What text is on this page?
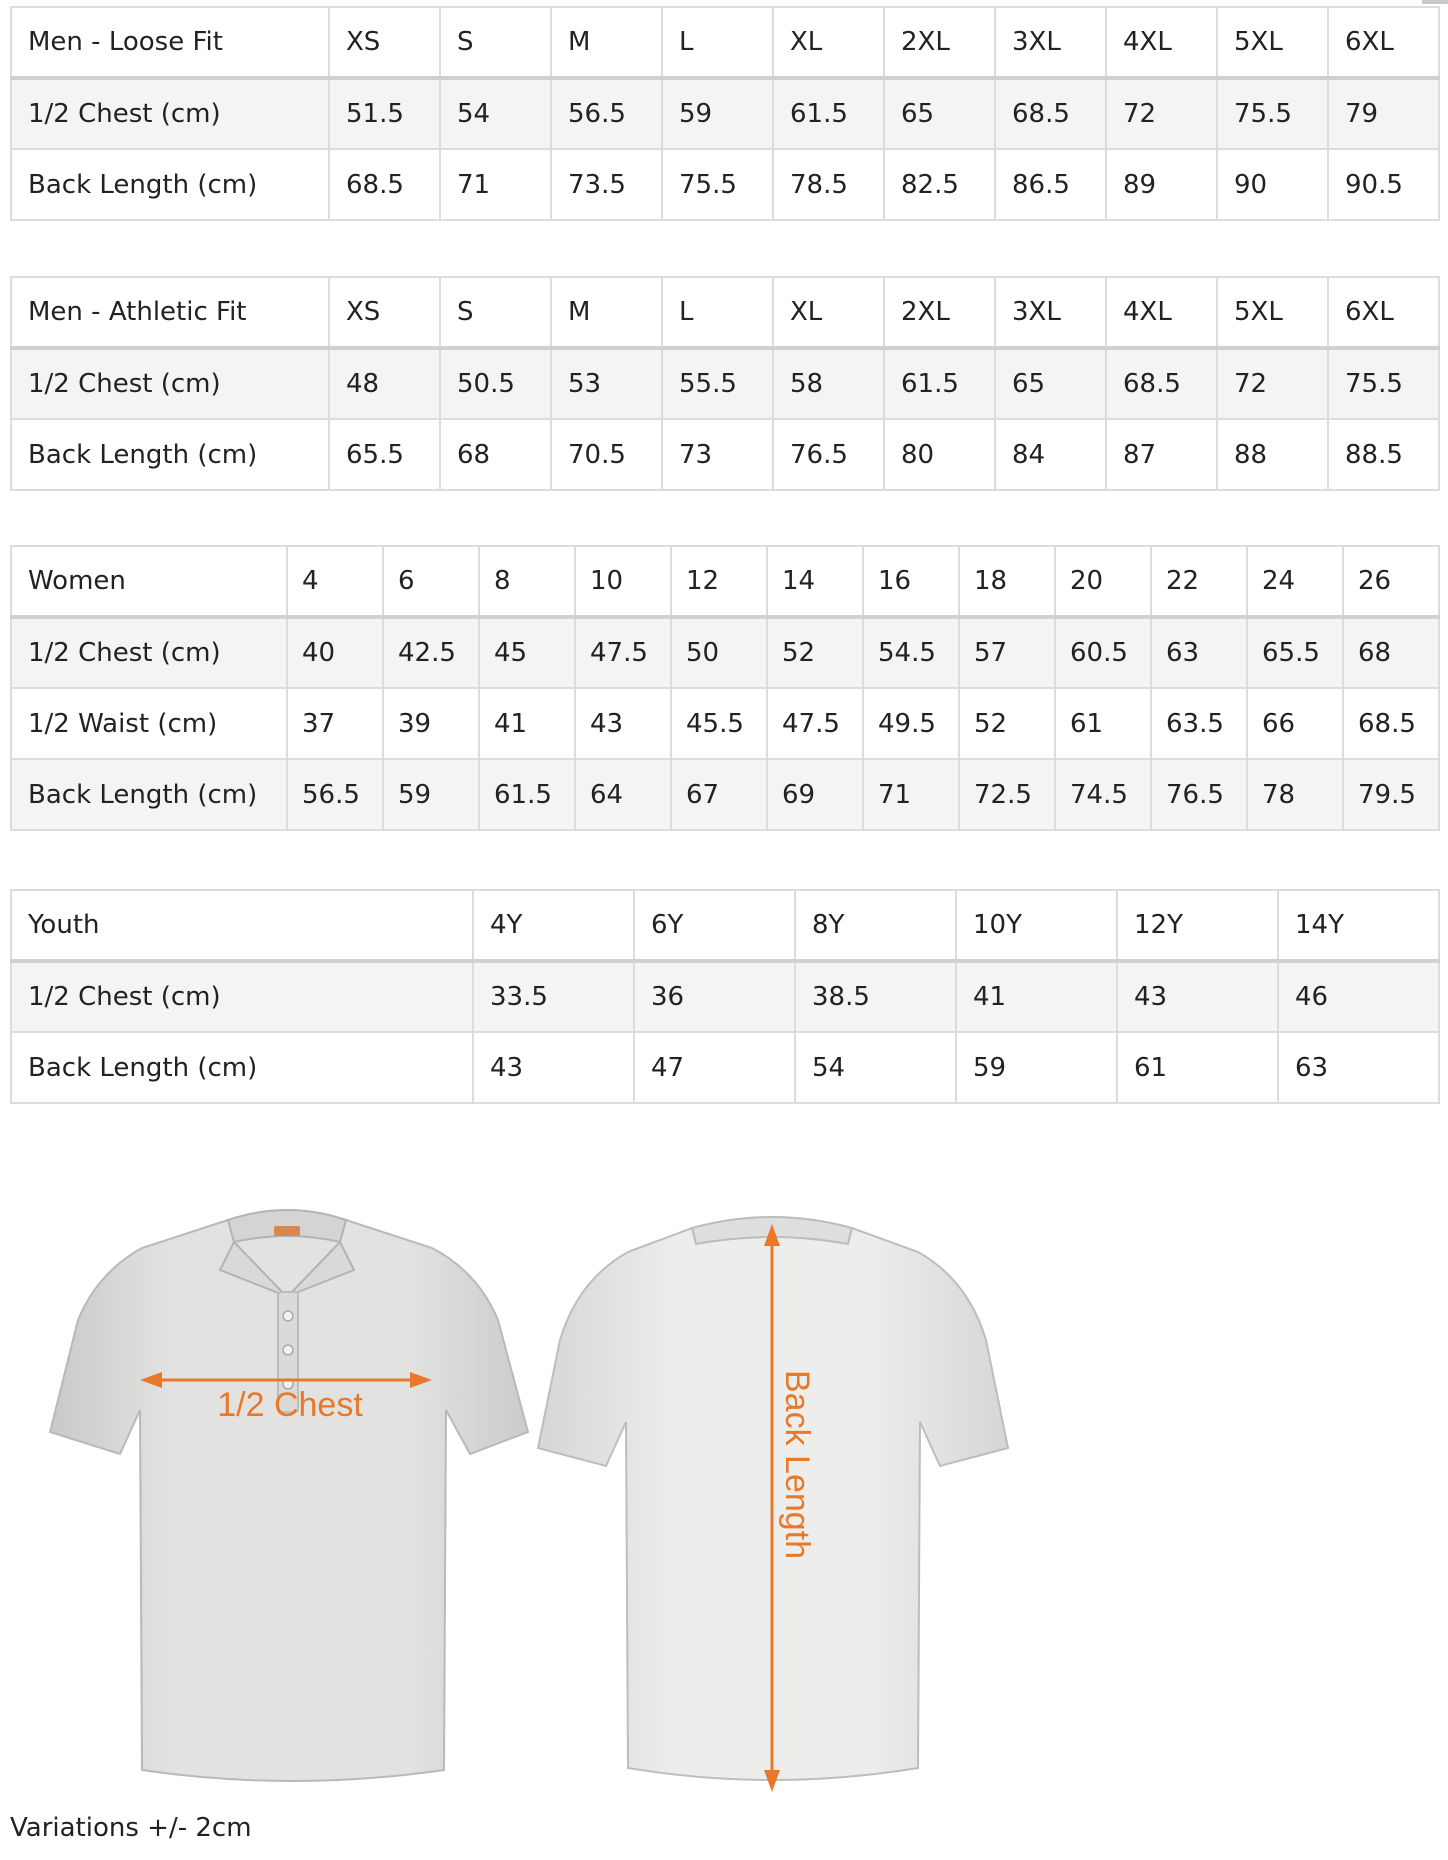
Men - Loose Fit	XS	S	M	L	XL	2XL	3XL	4XL	5XL	6XL
1/2 Chest (cm)	51.5	54	56.5	59	61.5	65	68.5	72	75.5	79
Back Length (cm)	68.5	71	73.5	75.5	78.5	82.5	86.5	89	90	90.5
Men - Athletic Fit	XS	S	M	L	XL	2XL	3XL	4XL	5XL	6XL
1/2 Chest (cm)	48	50.5	53	55.5	58	61.5	65	68.5	72	75.5
Back Length (cm)	65.5	68	70.5	73	76.5	80	84	87	88	88.5
Women	4	6	8	10	12	14	16	18	20	22	24	26
1/2 Chest (cm)	40	42.5	45	47.5	50	52	54.5	57	60.5	63	65.5	68
1/2 Waist (cm)	37	39	41	43	45.5	47.5	49.5	52	61	63.5	66	68.5
Back Length (cm)	56.5	59	61.5	64	67	69	71	72.5	74.5	76.5	78	79.5
Youth	4Y	6Y	8Y	10Y	12Y	14Y
1/2 Chest (cm)	33.5	36	38.5	41	43	46
Back Length (cm)	43	47	54	59	61	63
1/2 Chest	Back Length
Variations +/- 2cm
